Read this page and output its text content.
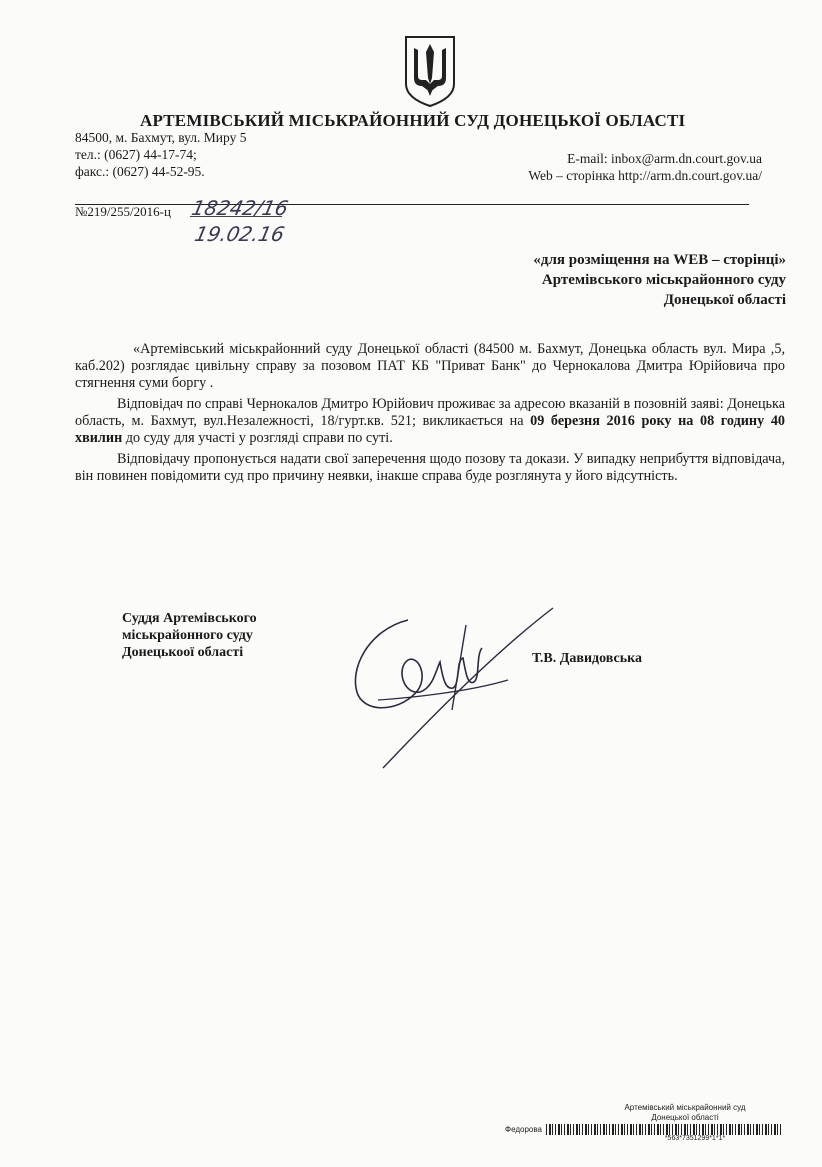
АРТЕМІВСЬКИЙ МІСЬКРАЙОННИЙ СУД ДОНЕЦЬКОЇ ОБЛАСТІ
84500, м. Бахмут, вул. Миру 5
тел.: (0627) 44-17-74;
факс.: (0627) 44-52-95.
E-mail: inbox@arm.dn.court.gov.ua
Web – сторінка http://arm.dn.court.gov.ua/
№219/255/2016-ц 18242/16
19.02.16
«для розміщення на WEB – сторінці»
Артемівського міськрайонного суду
Донецької області

«Артемівський міськрайонний суду Донецької області (84500 м. Бахмут, Донецька область вул. Мира ,5, каб.202) розглядає цивільну справу за позовом ПАТ КБ "Приват Банк" до Чернокалова Дмитра Юрійовича про стягнення суми боргу .

Відповідач по справі Чернокалов Дмитро Юрійович проживає за адресою вказаній в позовній заяві: Донецька область, м. Бахмут, вул.Незалежності, 18/гурт.кв. 521; викликається на 09 березня 2016 року на 08 годину 40 хвилин до суду для участі у розгляді справи по суті.

Відповідачу пропонується надати свої заперечення щодо позову та докази. У випадку неприбуття відповідача, він повинен повідомити суд про причину неявки, інакше справа буде розглянута у його відсутність.

Суддя Артемівського
міськрайонного суду
Донецькоої області	Т.В. Давидовська
Артемівський міськрайонний суд
Донецької області
Федорова
*563*7351299*1*1*
